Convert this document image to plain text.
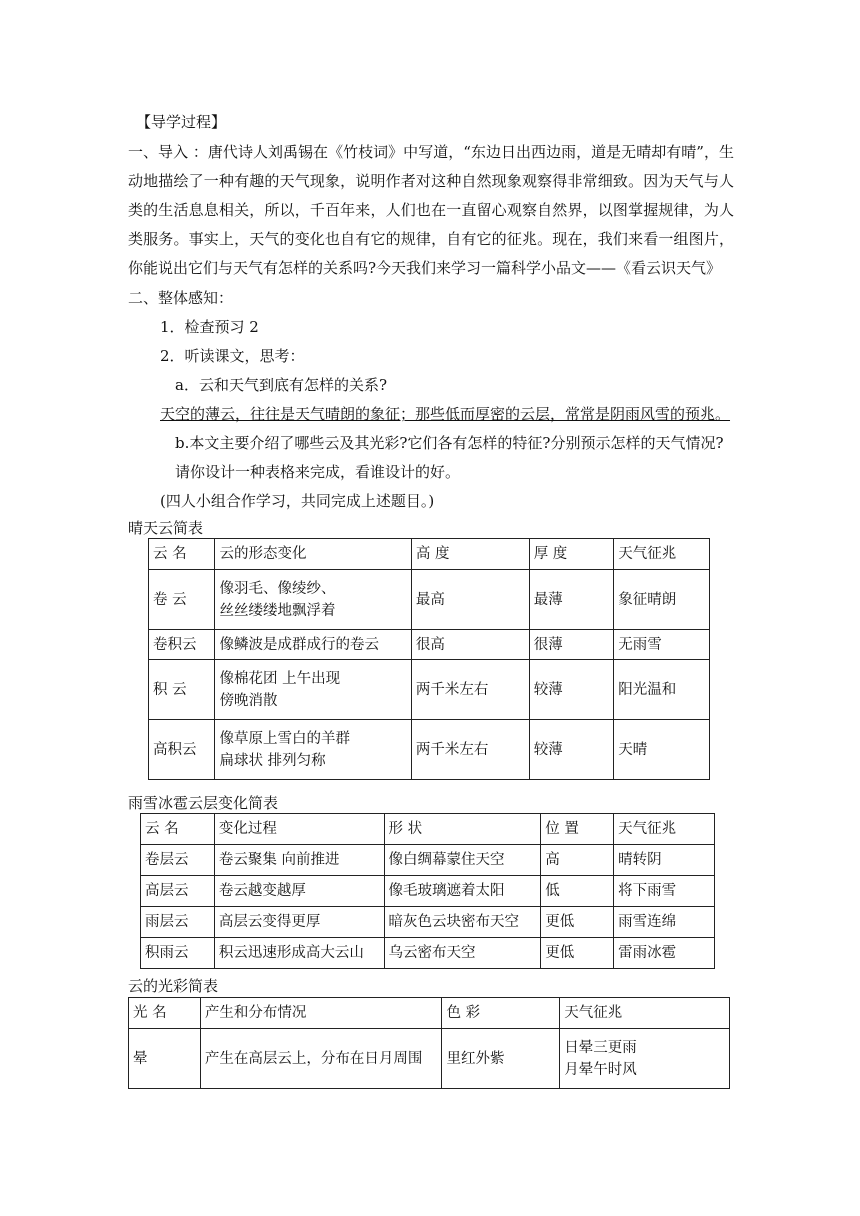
【导学过程】
一、导入 ：唐代诗人刘禹锡在《竹枝词》中写道，“东边日出西边雨，道是无晴却有晴”，生动地描绘了一种有趣的天气现象，说明作者对这种自然现象观察得非常细致。因为天气与人类的生活息息相关，所以，千百年来，人们也在一直留心观察自然界，以图掌握规律，为人类服务。事实上，天气的变化也自有它的规律，自有它的征兆。现在，我们来看一组图片，你能说出它们与天气有怎样的关系吗?今天我们来学习一篇科学小品文——《看云识天气》
二、整体感知：
1．检查预习 2
2．听读课文，思考：
a．云和天气到底有怎样的关系?
天空的薄云，往往是天气晴朗的象征；那些低而厚密的云层，常常是阴雨风雪的预兆。
b.本文主要介绍了哪些云及其光彩?它们各有怎样的特征?分别预示怎样的天气情况?
请你设计一种表格来完成，看谁设计的好。
(四人小组合作学习，共同完成上述题目。)
晴天云简表
云 名	云的形态变化	高 度	厚 度	天气征兆

卷 云	像羽毛、像绫纱、
丝丝缕缕地飘浮着	最高	最薄	象征晴朗

卷积云	像鳞波是成群成行的卷云	很高	很薄	无雨雪

积 云	像棉花团 上午出现
傍晚消散	两千米左右	较薄	阳光温和

高积云	像草原上雪白的羊群
扁球状 排列匀称	两千米左右	较薄	天晴
雨雪冰雹云层变化简表
云 名	变化过程	形 状	位 置	天气征兆

卷层云	卷云聚集 向前推进	像白绸幕蒙住天空	高	晴转阴

高层云	卷云越变越厚	像毛玻璃遮着太阳	低	将下雨雪

雨层云	高层云变得更厚	暗灰色云块密布天空	更低	雨雪连绵

积雨云	积云迅速形成高大云山	乌云密布天空	更低	雷雨冰雹
云的光彩简表
光 名	产生和分布情况	色 彩	天气征兆

晕	产生在高层云上，分布在日月周围	里红外紫	日晕三更雨
月晕午时风
